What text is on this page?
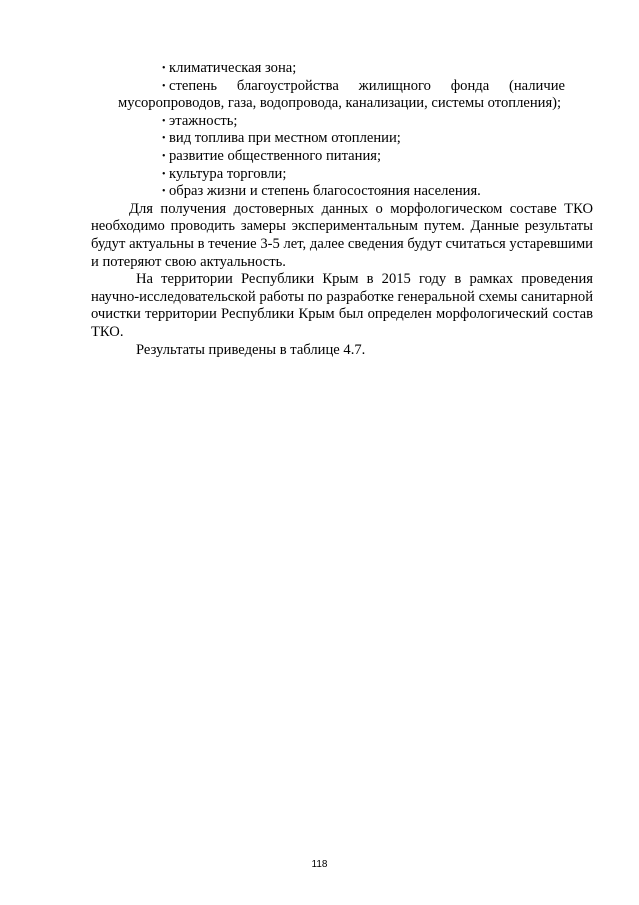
• климатическая зона;
• степень благоустройства жилищного фонда (наличие мусоропроводов, газа, водопровода, канализации, системы отопления);
• этажность;
• вид топлива при местном отоплении;
• развитие общественного питания;
• культура торговли;
• образ жизни и степень благосостояния населения.

Для получения достоверных данных о морфологическом составе ТКО необходимо проводить замеры экспериментальным путем. Данные результаты будут актуальны в течение 3-5 лет, далее сведения будут считаться устаревшими и потеряют свою актуальность.

На территории Республики Крым в 2015 году в рамках проведения научно-исследовательской работы по разработке генеральной схемы санитарной очистки территории Республики Крым был определен морфологический состав ТКО.

Результаты приведены в таблице 4.7.

118
